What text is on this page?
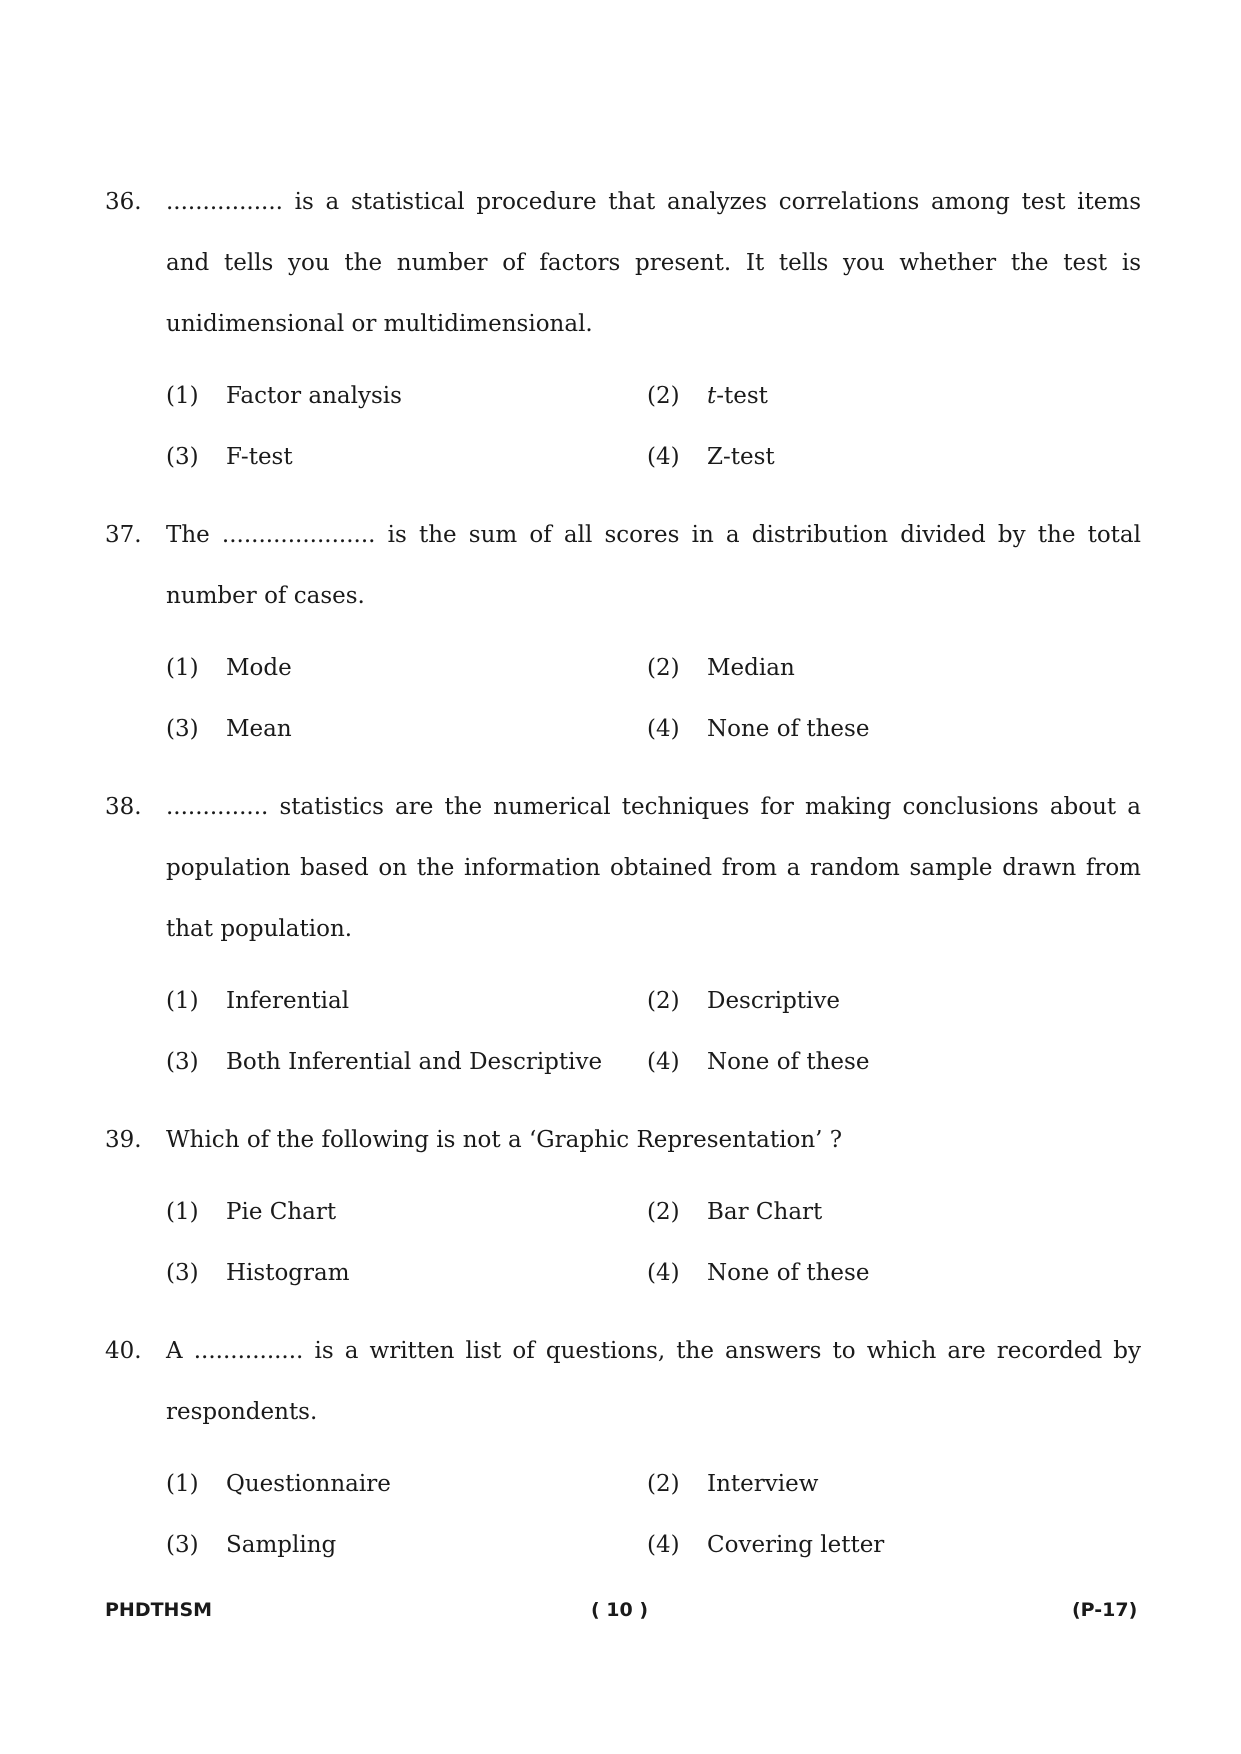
36. ................ is a statistical procedure that analyzes correlations among test items and tells you the number of factors present. It tells you whether the test is unidimensional or multidimensional.
(1) Factor analysis	(2) t-test
(3) F-test	(4) Z-test
37. The ..................... is the sum of all scores in a distribution divided by the total number of cases.
(1) Mode	(2) Median
(3) Mean	(4) None of these
38. .............. statistics are the numerical techniques for making conclusions about a population based on the information obtained from a random sample drawn from that population.
(1) Inferential	(2) Descriptive
(3) Both Inferential and Descriptive (4) None of these
39. Which of the following is not a ‘Graphic Representation’ ?
(1) Pie Chart	(2) Bar Chart
(3) Histogram	(4) None of these
40. A ............... is a written list of questions, the answers to which are recorded by respondents.
(1) Questionnaire	(2) Interview
(3) Sampling	(4) Covering letter
PHDTHSM	( 10 )	(P-17)
